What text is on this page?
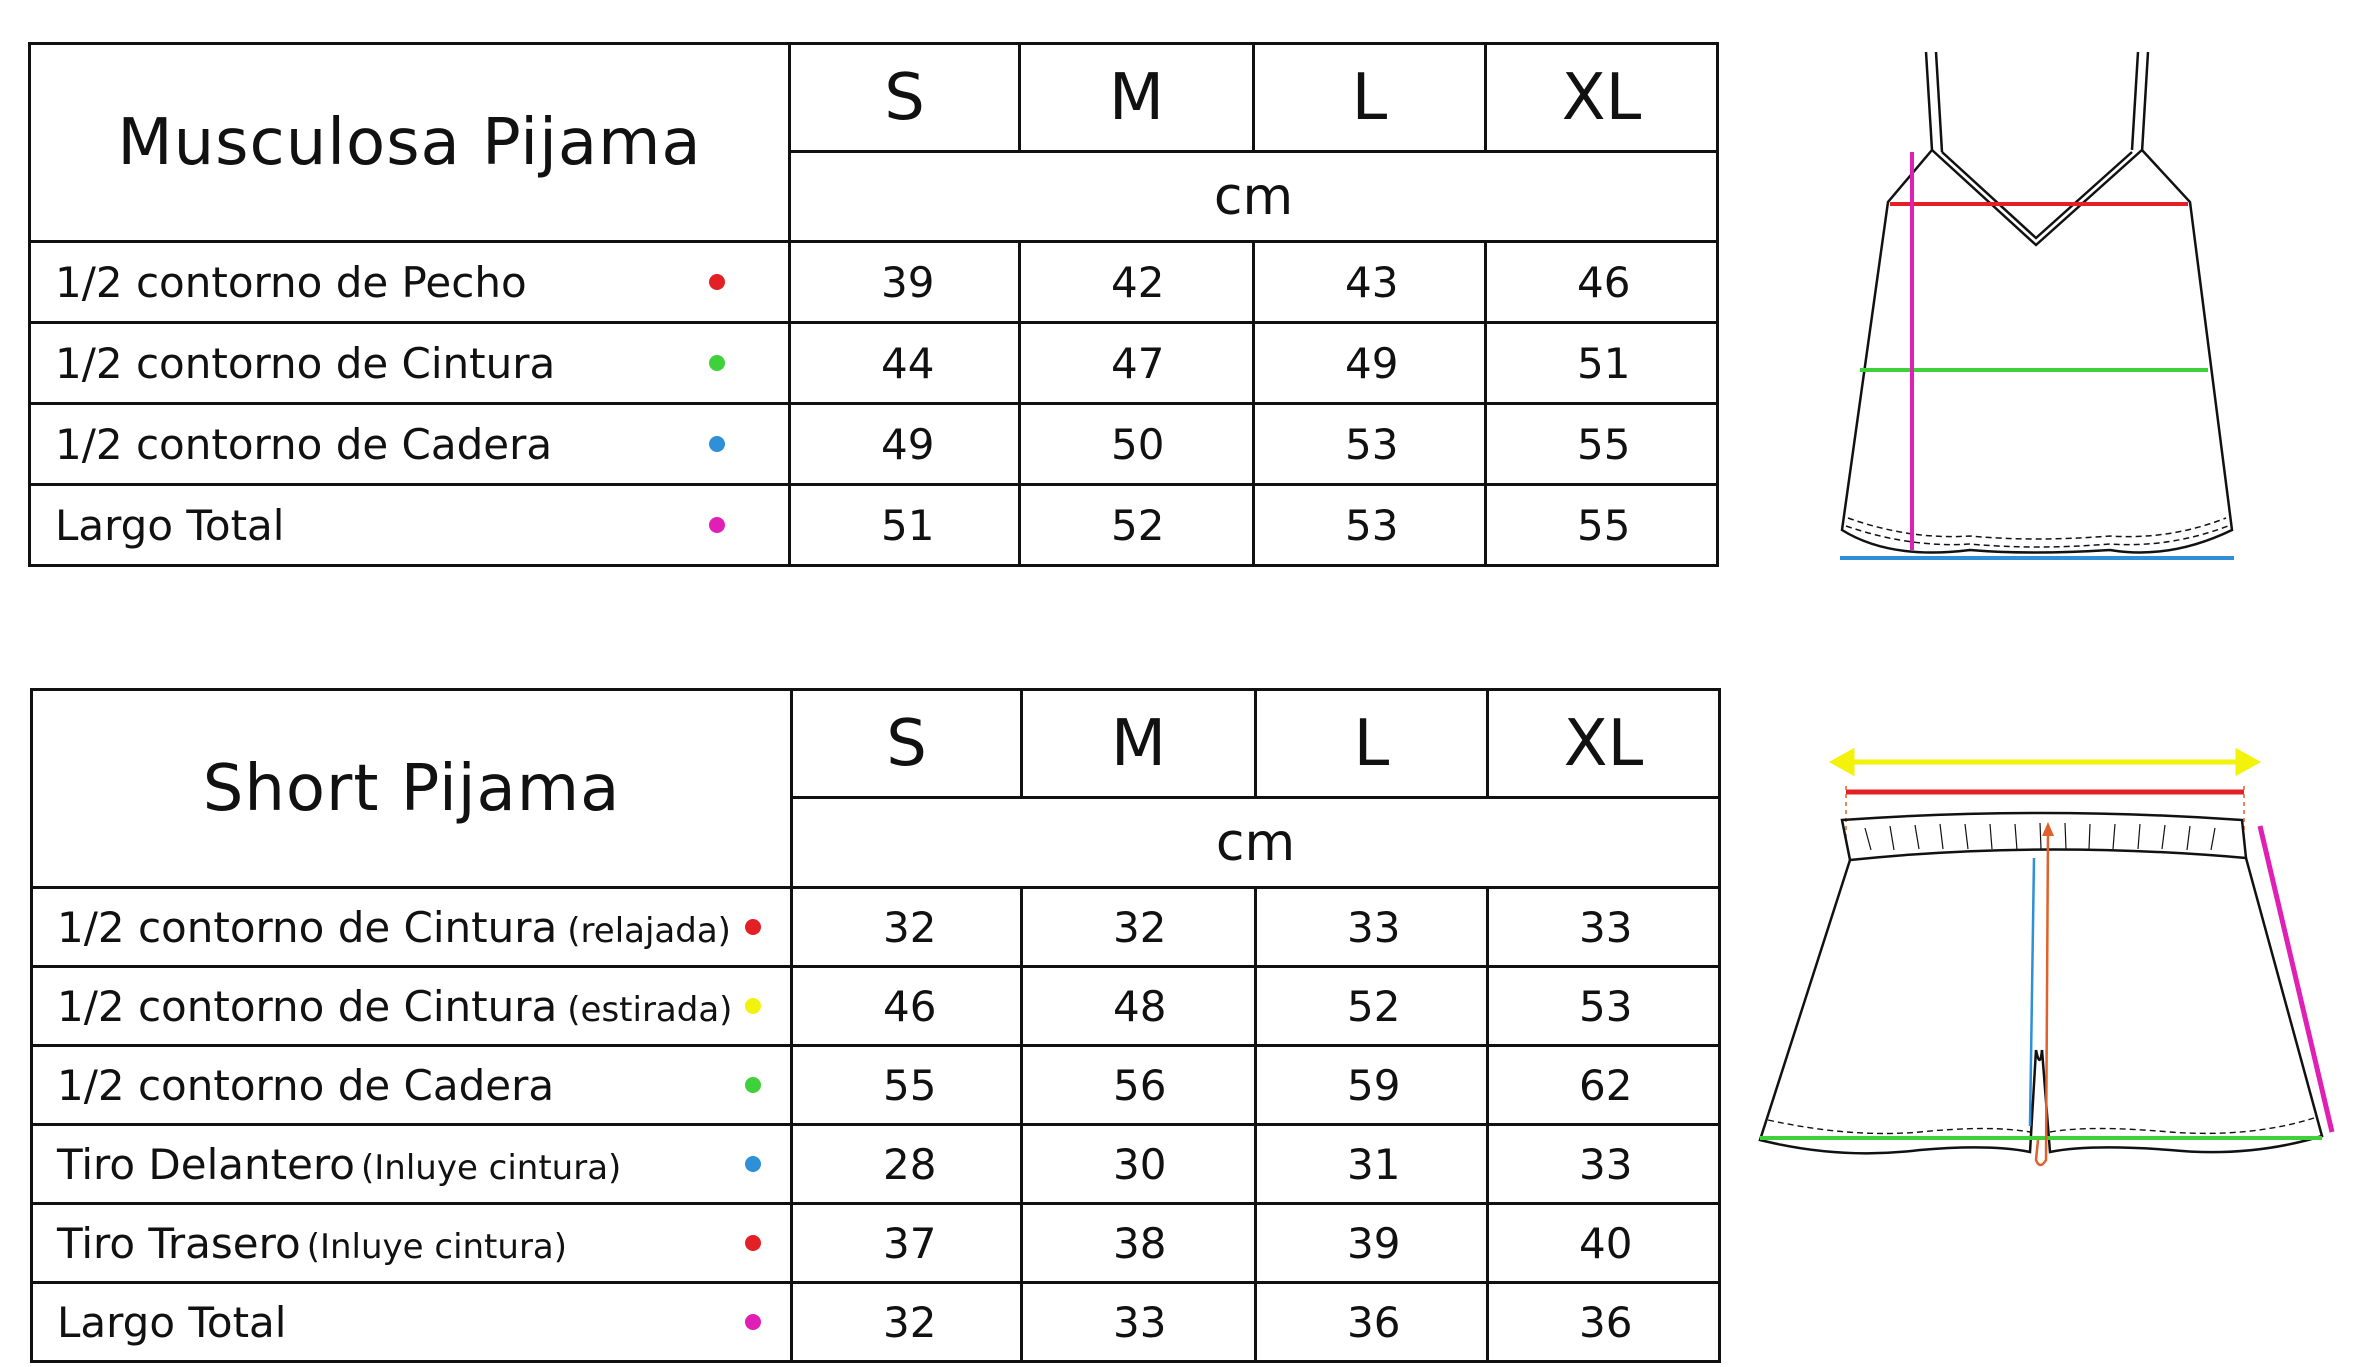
Musculosa Pijama	S	M	L	XL
	cm			
1/2 contorno de Pecho	39	42	43	46
1/2 contorno de Cintura	44	47	49	51
1/2 contorno de Cadera	49	50	53	55
Largo Total	51	52	53	55
Short Pijama	S	M	L	XL
	cm			
1/2 contorno de Cintura (relajada)	32	32	33	33
1/2 contorno de Cintura (estirada)	46	48	52	53
1/2 contorno de Cadera	55	56	59	62
Tiro Delantero (Inluye cintura)	28	30	31	33
Tiro Trasero (Inluye cintura)	37	38	39	40
Largo Total	32	33	36	36
